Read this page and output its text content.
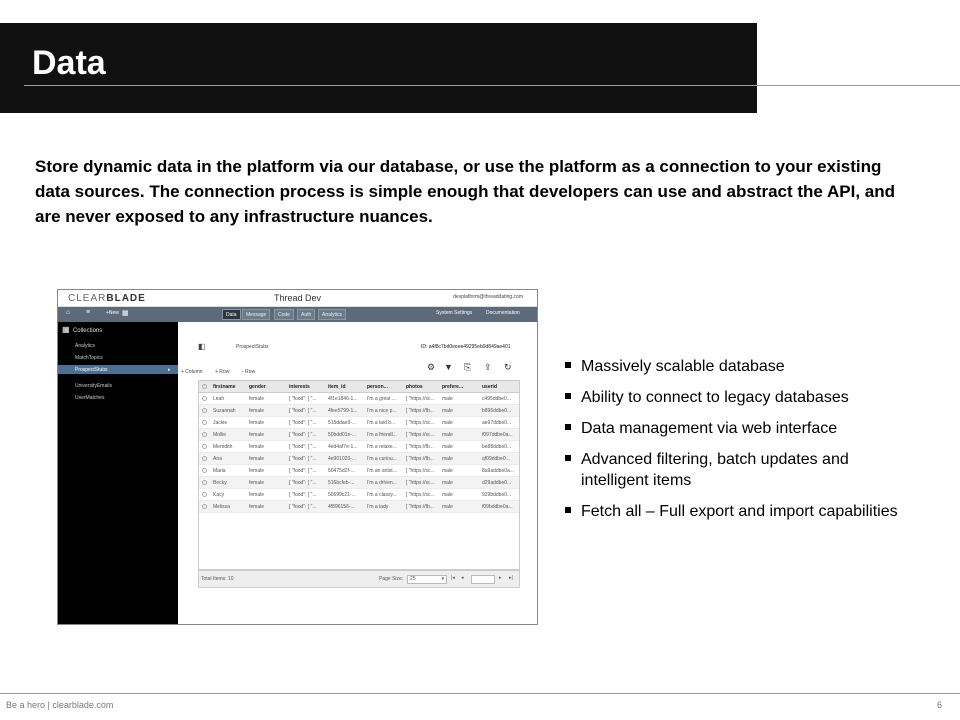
Data

Store dynamic data in the platform via our database, or use the platform as a connection to your existing data sources. The connection process is simple enough that developers can use and abstract the API, and are never exposed to any infrastructure nuances.

CLEARBLADE	Thread Dev	devplatform@threaddating.com
⌂ ≡	+New ▦	Data	Message	Code	Auth	Analytics	System Settings	Documentation
▦ Collections
Analytics
MatchTopics
ProspectStubs	▸
UniversityEmails
UserMatches
◧	ProspectStubs	ID: a4f8c7bd0eeee49295eb9d849ae401
⚙ ▼ ⎘ ⇪ ↻
+ Column + Row	- Row
firstname	gender	interests	item_id	person...	photos	prefere...	userid
Leah	female	[ "food": [ "...	4f1e1846-1...	I'm a great ...	[ "https://sc...	male	c495ddbe0...
Suzannah	female	[ "food": [ "...	4fee5799-1...	I'm a nice p...	[ "https://fb...	male	b896ddbe0...
Jackie	female	[ "food": [ "...	515ddae9-...	I'm a laid b...	[ "https://sc...	male	ae97ddbe0...
Mollie	female	[ "food": [ "...	50bdd01e-...	I'm a friendl...	[ "https://sc...	male	f097ddbe0a...
Meredith	female	[ "food": [ "...	4ed4af7e-1...	I'm a relaxe...	[ "https://fb...	male	be88ddbe0...
Ana	female	[ "food": [ "...	4e901020-...	I'm a curiou...	[ "https://fb...	male	af09ddbe0...
Maria	female	[ "food": [ "...	50475d2f-...	I'm an artist...	[ "https://sc...	male	8a9addbe0a...
Becky	female	[ "food": [ "...	516bcfeb-...	I'm a driven...	[ "https://sc...	male	d29addbe0...
Kacy	female	[ "food": [ "...	50699c21-...	I'm a classy...	[ "https://sc...	male	929bddbe0...
Melissa	female	[ "food": [ "...	4f896156-...	I'm a lady	[ "https://fb...	male	f09bddbe0a...
Total Items: 10	Page Size:	25	▾ |◂ ◂	▸ ▸|
Massively scalable database
Ability to connect to legacy databases
Data management via web interface
Advanced filtering, batch updates and intelligent items
Fetch all – Full export and import capabilities
Be a hero | clearblade.com	6
